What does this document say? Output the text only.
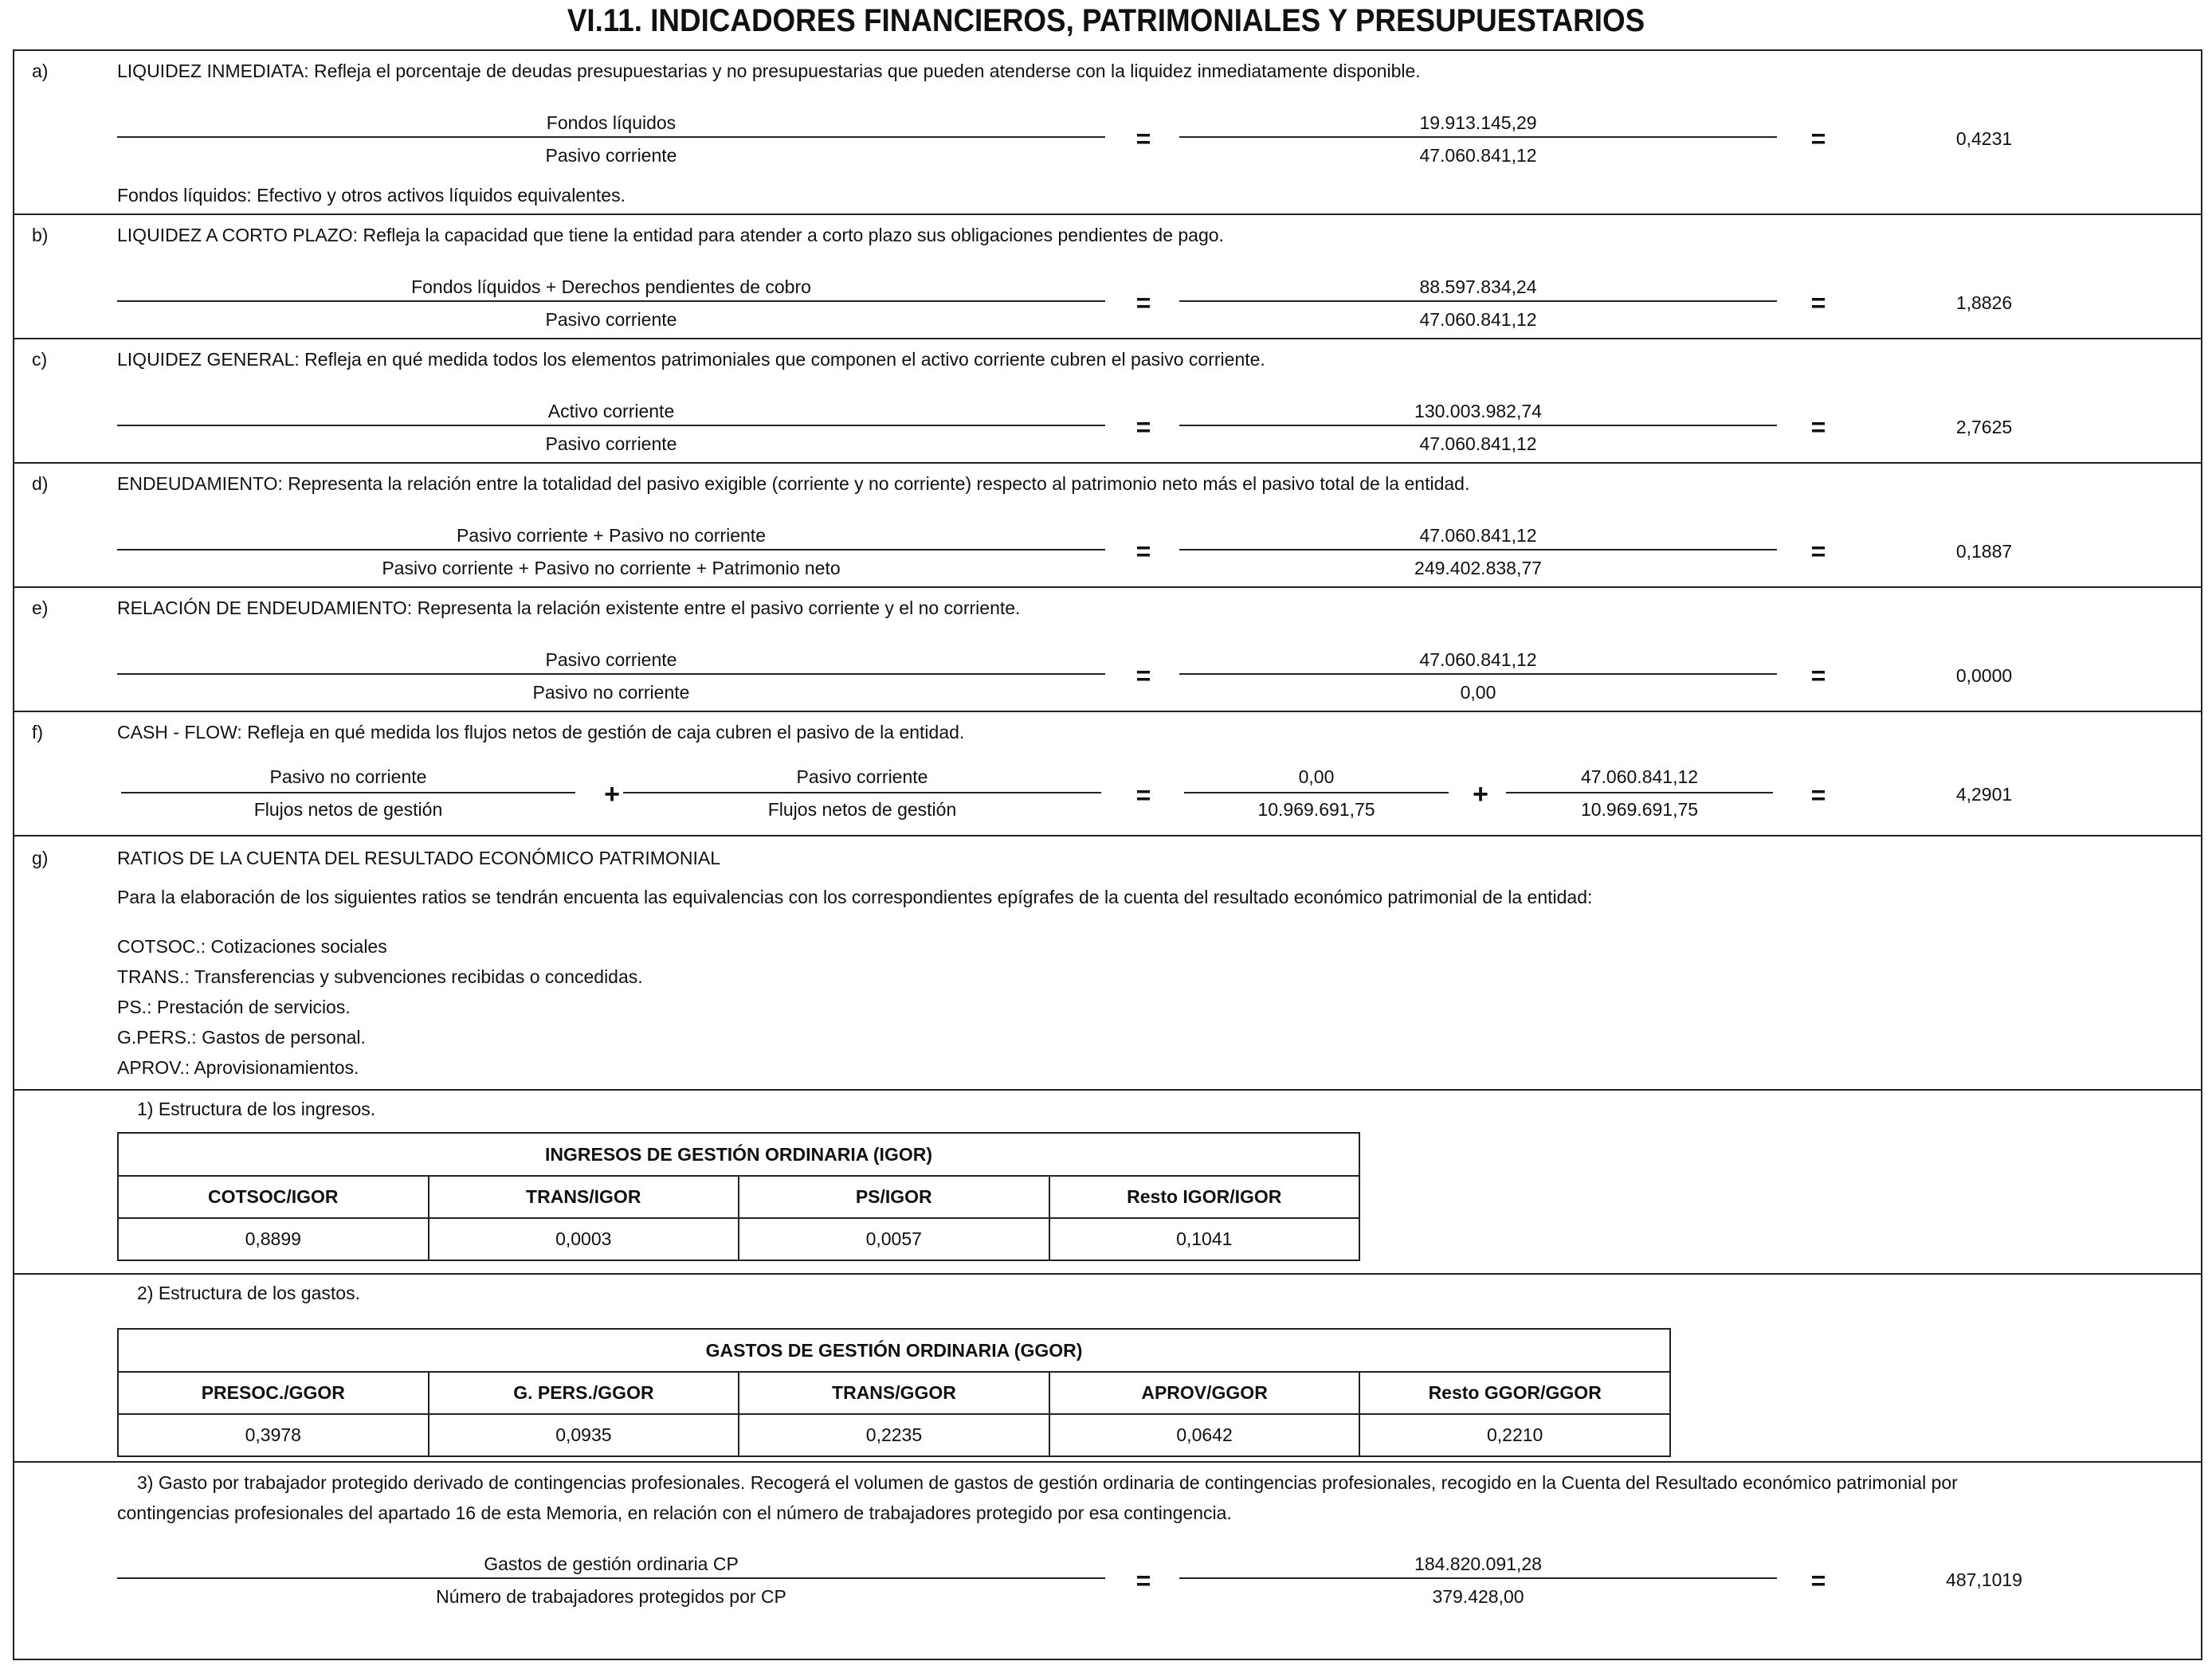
VI.11. INDICADORES FINANCIEROS, PATRIMONIALES Y PRESUPUESTARIOS
a)	LIQUIDEZ INMEDIATA: Refleja el porcentaje de deudas presupuestarias y no presupuestarias que pueden atenderse con la liquidez inmediatamente disponible.
Fondos líquidos
Pasivo corriente
=
19.913.145,29
47.060.841,12
=	0,4231
Fondos líquidos: Efectivo y otros activos líquidos equivalentes.
b)	LIQUIDEZ A CORTO PLAZO: Refleja la capacidad que tiene la entidad para atender a corto plazo sus obligaciones pendientes de pago.
Fondos líquidos + Derechos pendientes de cobro
Pasivo corriente
=
88.597.834,24
47.060.841,12
=	1,8826
c)	LIQUIDEZ GENERAL: Refleja en qué medida todos los elementos patrimoniales que componen el activo corriente cubren el pasivo corriente.
Activo corriente
Pasivo corriente
=
130.003.982,74
47.060.841,12
=	2,7625
d)	ENDEUDAMIENTO: Representa la relación entre la totalidad del pasivo exigible (corriente y no corriente) respecto al patrimonio neto más el pasivo total de la entidad.
Pasivo corriente + Pasivo no corriente
Pasivo corriente + Pasivo no corriente + Patrimonio neto
=
47.060.841,12
249.402.838,77
=	0,1887
e)	RELACIÓN DE ENDEUDAMIENTO: Representa la relación existente entre el pasivo corriente y el no corriente.
Pasivo corriente
Pasivo no corriente
=
47.060.841,12
0,00
=	0,0000
f)	CASH - FLOW: Refleja en qué medida los flujos netos de gestión de caja cubren el pasivo de la entidad.
Pasivo no corriente
Flujos netos de gestión	+
Pasivo corriente
Flujos netos de gestión	=
0,00
10.969.691,75	+
47.060.841,12
10.969.691,75	=	4,2901
g)	RATIOS DE LA CUENTA DEL RESULTADO ECONÓMICO PATRIMONIAL
Para la elaboración de los siguientes ratios se tendrán encuenta las equivalencias con los correspondientes epígrafes de la cuenta del resultado económico patrimonial de la entidad:
COTSOC.: Cotizaciones sociales
TRANS.: Transferencias y subvenciones recibidas o concedidas.
PS.: Prestación de servicios.
G.PERS.: Gastos de personal.
APROV.: Aprovisionamientos.
1) Estructura de los ingresos.
INGRESOS DE GESTIÓN ORDINARIA (IGOR)			
COTSOC/IGOR	TRANS/IGOR	PS/IGOR	Resto IGOR/IGOR
0,8899	0,0003	0,0057	0,1041
2) Estructura de los gastos.
GASTOS DE GESTIÓN ORDINARIA (GGOR)				
PRESOC./GGOR	G. PERS./GGOR	TRANS/GGOR	APROV/GGOR	Resto GGOR/GGOR
0,3978	0,0935	0,2235	0,0642	0,2210
3) Gasto por trabajador protegido derivado de contingencias profesionales. Recogerá el volumen de gastos de gestión ordinaria de contingencias profesionales, recogido en la Cuenta del Resultado económico patrimonial por
contingencias profesionales del apartado 16 de esta Memoria, en relación con el número de trabajadores protegido por esa contingencia.
Gastos de gestión ordinaria CP
Número de trabajadores protegidos por CP
=
184.820.091,28
379.428,00
=	487,1019
